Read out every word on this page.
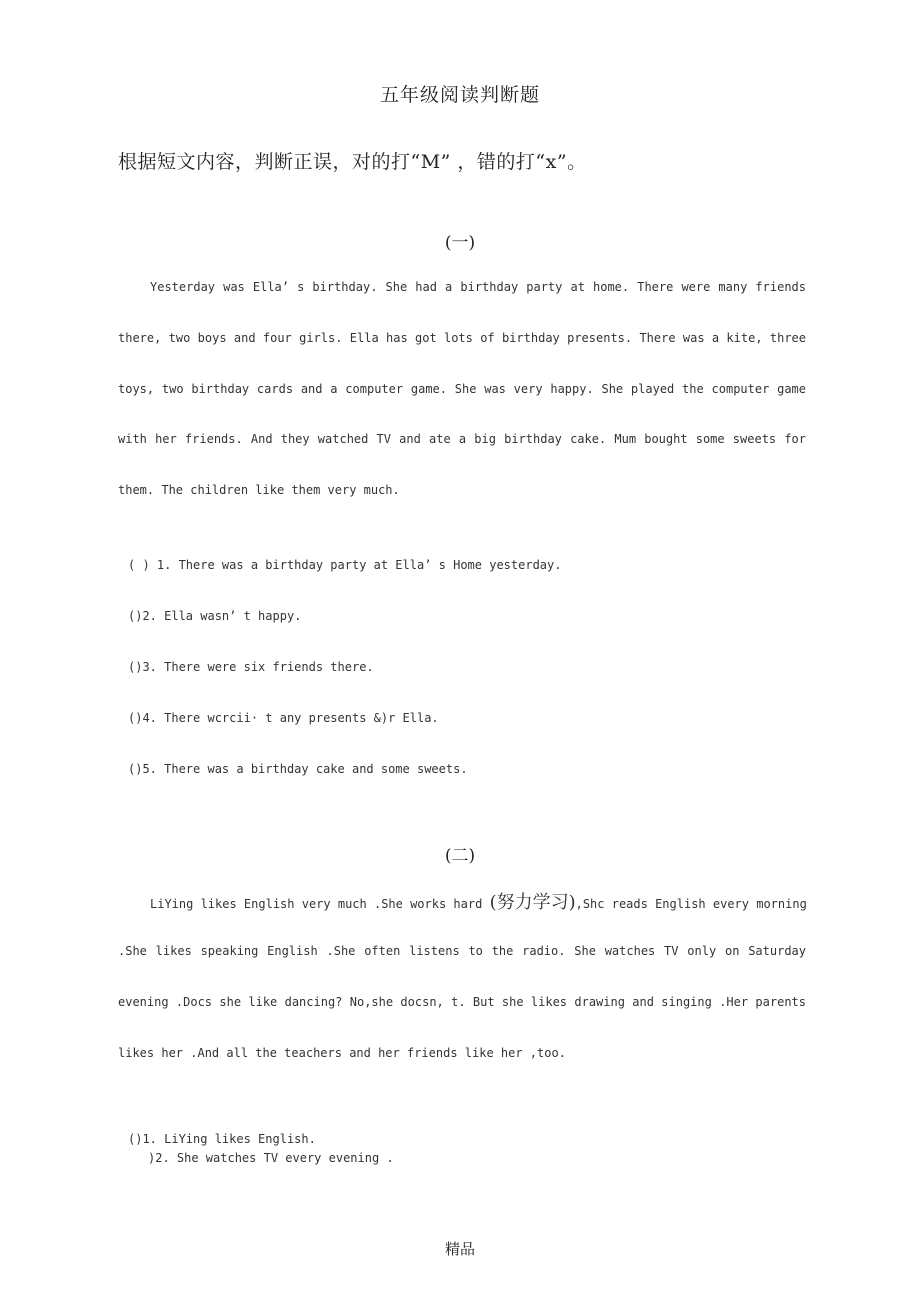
五年级阅读判断题
根据短文内容，判断正误，对的打“M” ，错的打“x”。
(一)
Yesterday was Ella’ s birthday. She had a birthday party at home. There were many friends
there, two boys and four girls. Ella has got lots of birthday presents. There was a kite, three
toys, two birthday cards and a computer game. She was very happy. She played the computer game
with her friends. And they watched TV and ate a big birthday cake. Mum bought some sweets for
them. The children like them very much.
( ) 1. There was a birthday party at Ella’ s Home yesterday.
()2. Ella wasn’ t happy.
()3. There were six friends there.
()4. There wcrcii· t any presents &)r Ella.
()5. There was a birthday cake and some sweets.
(二)
LiYing likes English very much .She works hard (努力学习),Shc reads English every morning
.She likes speaking English .She often listens to the radio. She watches TV only on Saturday
evening .Docs she like dancing? No,she docsn, t. But she likes drawing and singing .Her parents
likes her .And all the teachers and her friends like her ,too.
()1. LiYing likes English.
)2. She watches TV every evening .
精品
